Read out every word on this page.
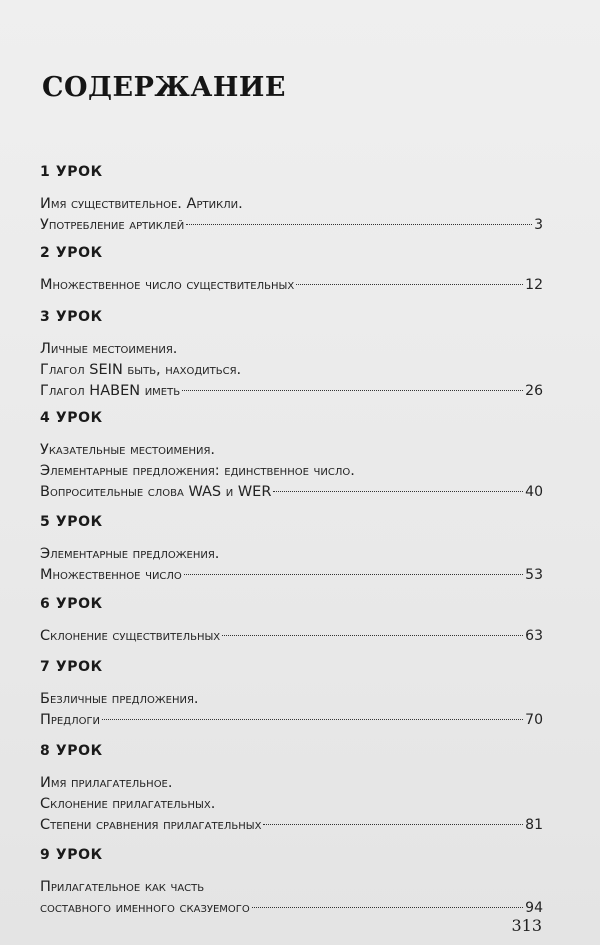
СОДЕРЖАНИЕ
1 УРОК
Имя существительное. Артикли.
Употребление артиклей	3
2 УРОК
Множественное число существительных	12
3 УРОК
Личные местоимения.
Глагол SEIN быть, находиться.
Глагол HABEN иметь	26
4 УРОК
Указательные местоимения.
Элементарные предложения: единственное число.
Вопросительные слова WAS и WER	40
5 УРОК
Элементарные предложения.
Множественное число	53
6 УРОК
Склонение существительных	63
7 УРОК
Безличные предложения.
Предлоги	70
8 УРОК
Имя прилагательное.
Склонение прилагательных.
Степени сравнения прилагательных	81
9 УРОК
Прилагательное как часть
составного именного сказуемого	94
313
